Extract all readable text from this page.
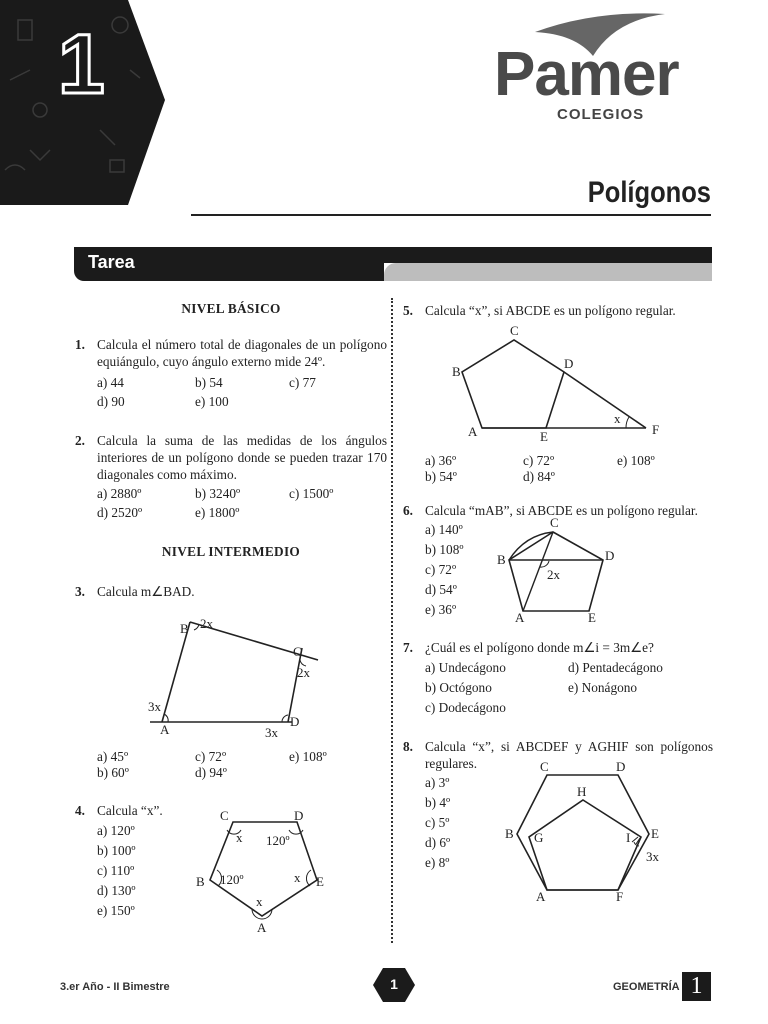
1	Pamer
COLEGIOS
Polígonos
Tarea
NIVEL BÁSICO
1. Calcula el número total de diagonales de un polígono equiángulo, cuyo ángulo externo mide 24º.
a) 44	b) 54	c) 77
d) 90	e) 100
2. Calcula la suma de las medidas de los ángulos interiores de un polígono donde se pueden trazar 170 diagonales como máximo.
a) 2880º	b) 3240º	c) 1500º
d) 2520º	e) 1800º
NIVEL INTERMEDIO
3. Calcula m∠BAD.
a) 45º	c) 72º	e) 108º
b) 60º	d) 94º
4. Calcula “x”.
a) 120º
b) 100º
c) 110º
d) 130º
e) 150º
B 2x
C
2x
3x
A
D
3x
C	D
x 120º
B 120º	x E
x
A
5. Calcula “x”, si ABCDE es un polígono regular.
a) 36º	c) 72º	e) 108º
b) 54º	d) 84º
6. Calcula “mAB”, si ABCDE es un polígono regular.
a) 140º
b) 108º
c) 72º
d) 54º
e) 36º
7. ¿Cuál es el polígono donde m∠i = 3m∠e?
a) Undecágono	d) Pentadecágono
b) Octógono	e) Nonágono
c) Dodecágono
8. Calcula “x”, si ABCDEF y AGHIF son polígonos regulares.
a) 3º
b) 4º
c) 5º
d) 6º
e) 8º
C
B
D
A	E
x
F
C
B	D
2x
A	E
C	D
H
B G	I E
3x
A	F
3.er Año - II Bimestre	1	GEOMETRÍA 1
